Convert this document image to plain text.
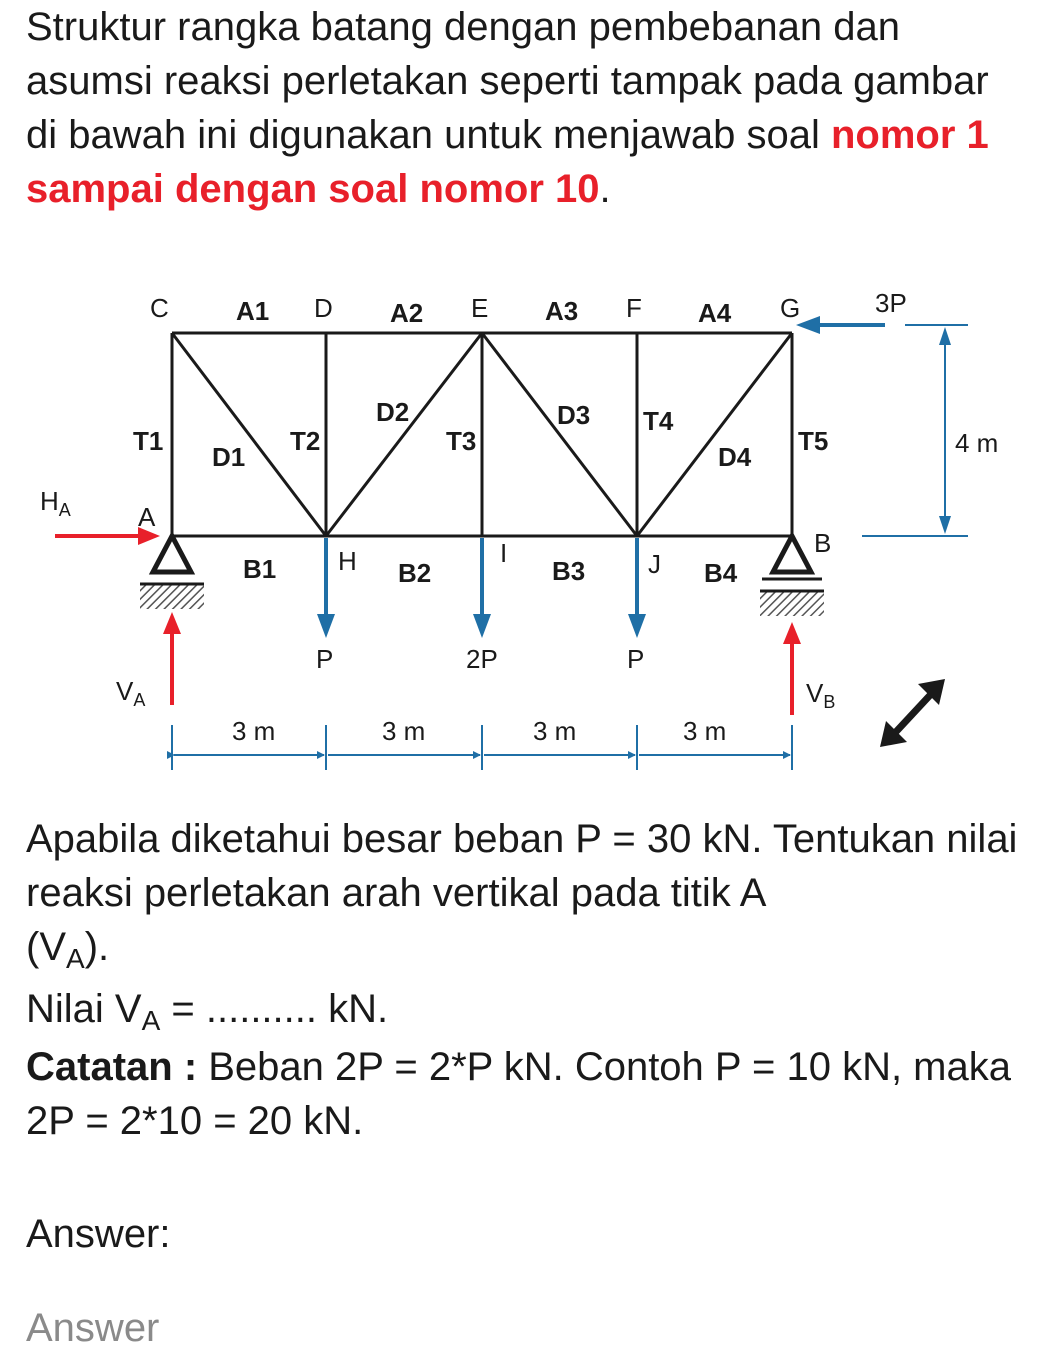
Struktur rangka batang dengan pembebanan dan asumsi reaksi perletakan seperti tampak pada gambar di bawah ini digunakan untuk menjawab soal nomor 1 sampai dengan soal nomor 10.
C	D	E	F	G
A1	A2	A3	A4
T1	T2	T3
T4
T5
D1
D2	D3
D4
A
H	I	J
B
B1	B2	B3	B4
P	2P	P
3P
$H_A$
$V_A$	$V_B$
4 m
3 m	3 m	3 m	3 m
Apabila diketahui besar beban P = 30 kN. Tentukan nilai reaksi perletakan arah vertikal pada titik A
$(V_A)$.
Nilai $V_A$ = .......... kN.
Catatan : Beban 2P = 2*P kN. Contoh P = 10 kN, maka 2P = 2*10 = 20 kN.
Answer:
Answer
